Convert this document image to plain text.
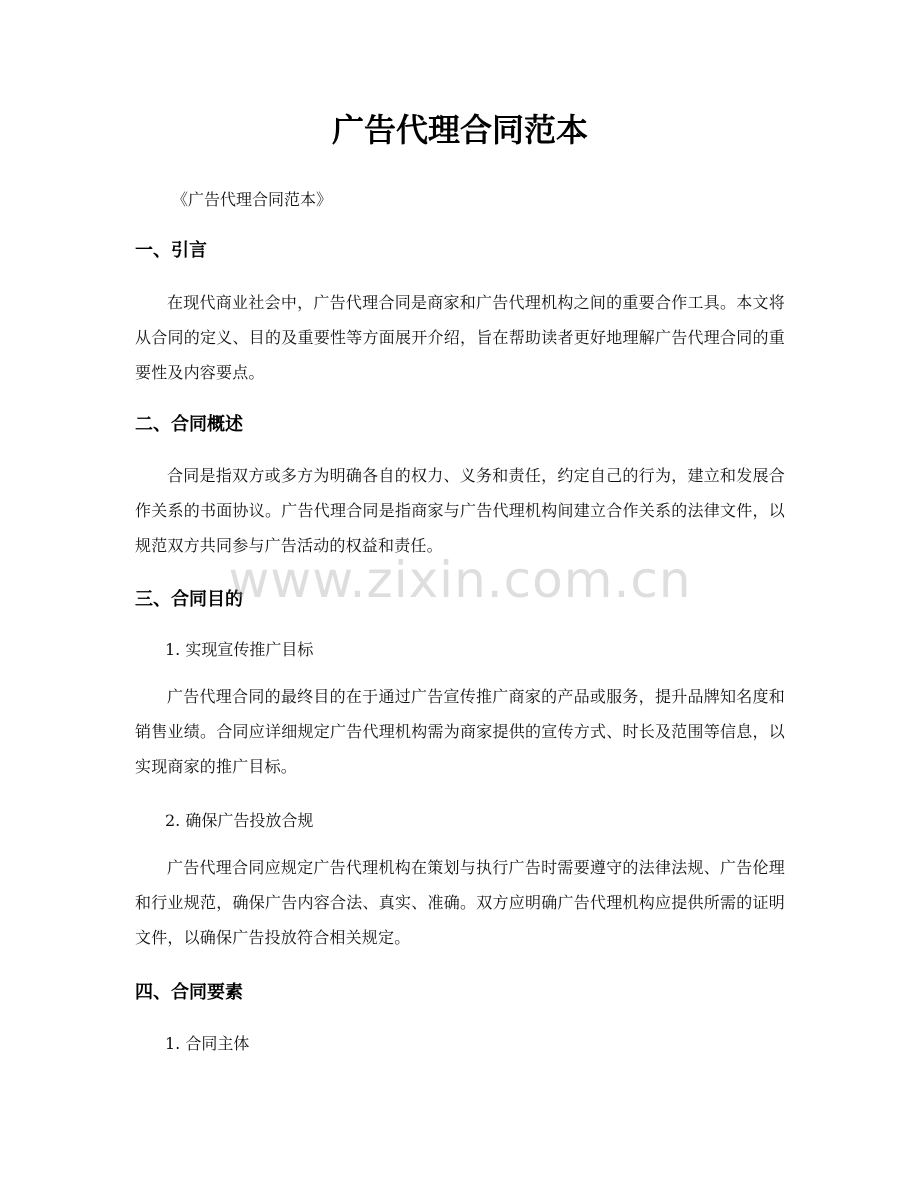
广告代理合同范本

《广告代理合同范本》

一、引言

在现代商业社会中，广告代理合同是商家和广告代理机构之间的重要合作工具。本文将从合同的定义、目的及重要性等方面展开介绍，旨在帮助读者更好地理解广告代理合同的重要性及内容要点。

二、合同概述

合同是指双方或多方为明确各自的权力、义务和责任，约定自己的行为，建立和发展合作关系的书面协议。广告代理合同是指商家与广告代理机构间建立合作关系的法律文件，以规范双方共同参与广告活动的权益和责任。

三、合同目的

1. 实现宣传推广目标

广告代理合同的最终目的在于通过广告宣传推广商家的产品或服务，提升品牌知名度和销售业绩。合同应详细规定广告代理机构需为商家提供的宣传方式、时长及范围等信息，以实现商家的推广目标。

2. 确保广告投放合规

广告代理合同应规定广告代理机构在策划与执行广告时需要遵守的法律法规、广告伦理和行业规范，确保广告内容合法、真实、准确。双方应明确广告代理机构应提供所需的证明文件，以确保广告投放符合相关规定。

四、合同要素

1. 合同主体

www.zixin.com.cn
